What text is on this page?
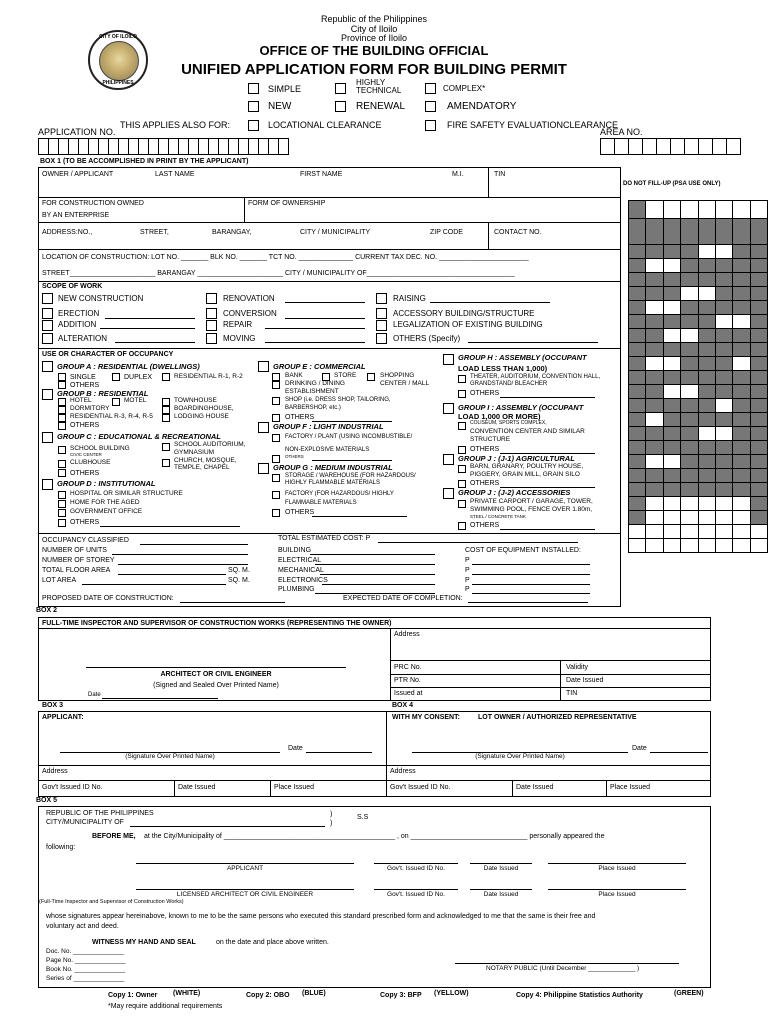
CITY OF ILOILO
PHILIPPINES
Republic of the Philippines
City of Iloilo
Province of Iloilo
OFFICE OF THE BUILDING OFFICIAL
UNIFIED APPLICATION FORM FOR BUILDING PERMIT
SIMPLE
HIGHLY TECHNICAL	COMPLEX*
NEW	RENEWAL	AMENDATORY
THIS APPLIES ALSO FOR:	LOCATIONAL CLEARANCE	FIRE SAFETY EVALUATIONCLEARANCE
APPLICATION NO.
																									AREA NO.

BOX 1 (TO BE ACCOMPLISHED IN PRINT BY THE APPLICANT)
OWNER / APPLICANT	LAST NAME	FIRST NAME	M.I.	TIN
DO NOT FILL-UP (PSA USE ONLY)
FOR CONSTRUCTION OWNED
BY AN ENTERPRISE
FORM OF OWNERSHIP
ADDRESS:NO.,	STREET,	BARANGAY,	CITY / MUNICIPALITY	ZIP CODE	CONTACT NO.
LOCATION OF CONSTRUCTION: LOT NO. _______ BLK NO. _______ TCT NO. ______________ CURRENT TAX DEC. NO. _______________________
STREET______________________ BARANGAY ______________________ CITY / MUNICIPALITY OF______________________________________

SCOPE OF WORK
NEW CONSTRUCTION
ERECTION
ADDITION
ALTERATION
RENOVATION
CONVERSION
REPAIR
MOVING
RAISING
ACCESSORY BUILDING/STRUCTURE
LEGALIZATION OF EXISTING BUILDING
OTHERS (Specify)
USE OR CHARACTER OF OCCUPANCY
GROUP A : RESIDENTIAL (DWELLINGS)
SINGLE	DUPLEX	RESIDENTIAL R-1, R-2
OTHERS
GROUP B : RESIDENTIAL
HOTEL	MOTEL	TOWNHOUSE
DORMITORY	BOARDINGHOUSE,
RESIDENTIAL R-3, R-4, R-5	LODGING HOUSE
OTHERS
GROUP C : EDUCATIONAL & RECREATIONAL
SCHOOL BUILDING
CIVIC CENTER
SCHOOL AUDITORIUM,
GYMNASIUM
CLUBHOUSE	CHURCH, MOSQUE,
TEMPLE, CHAPEL
OTHERS
GROUP D : INSTITUTIONAL
HOSPITAL OR SIMILAR STRUCTURE
HOME FOR THE AGED
GOVERNMENT OFFICE
OTHERS
GROUP E : COMMERCIAL
BANK	STORE	SHOPPING
CENTER / MALL
DRINKING / DINING
ESTABLISHMENT
SHOP (i.e. DRESS SHOP, TAILORING,
BARBERSHOP, etc.)
OTHERS
GROUP F : LIGHT INDUSTRIAL
FACTORY / PLANT (USING INCOMBUSTIBLE/
NON-EXPLOSIVE MATERIALS
OTHERS
GROUP G : MEDIUM INDUSTRIAL
STORAGE / WAREHOUSE (FOR HAZARDOUS/
HIGHLY FLAMMABLE MATERIALS
FACTORY (FOR HAZARDOUS/ HIGHLY
FLAMMABLE MATERIALS
OTHERS
GROUP H : ASSEMBLY (OCCUPANT
LOAD LESS THAN 1,000)
THEATER, AUDITORIUM, CONVENTION HALL,
GRANDSTAND/ BLEACHER
OTHERS
GROUP I : ASSEMBLY (OCCUPANT
LOAD 1,000 OR MORE)
COLISEUM, SPORTS COMPLEX,
CONVENTION CENTER AND SIMILAR
STRUCTURE
OTHERS
GROUP J : (J-1) AGRICULTURAL
BARN, GRANARY, POULTRY HOUSE,
PIGGERY, GRAIN MILL, GRAIN SILO
OTHERS
GROUP J : (J-2) ACCESSORIES
PRIVATE CARPORT / GARAGE, TOWER,
SWIMMING POOL, FENCE OVER 1.80m,
STEEL / CONCRETE TANK
OTHERS
OCCUPANCY CLASSIFIED
NUMBER OF UNITS
NUMBER OF STOREY
TOTAL FLOOR AREA	SQ. M.
LOT AREA	SQ. M.
TOTAL ESTIMATED COST: P
BUILDING
ELECTRICAL
MECHANICAL
ELECTRONICS
PLUMBING
COST OF EQUIPMENT INSTALLED:
P
P
P
P
PROPOSED DATE OF CONSTRUCTION:	EXPECTED DATE OF COMPLETION:
BOX 2
FULL-TIME INSPECTOR AND SUPERVISOR OF CONSTRUCTION WORKS (REPRESENTING THE OWNER)
Address
ARCHITECT OR CIVIL ENGINEER
(Signed and Sealed Over Printed Name)
Date
PRC No.	Validity
PTR No.	Date Issued
Issued at	TIN
BOX 3	BOX 4
APPLICANT:
Date
(Signature Over Printed Name)
Address
Gov't Issued ID No.	Date Issued	Place Issued
WITH MY CONSENT:	LOT OWNER / AUTHORIZED REPRESENTATIVE
Date
(Signature Over Printed Name)
Address
Gov't Issued ID No.	Date Issued	Place Issued
BOX 5
REPUBLIC OF THE PHILIPPINES
CITY/MUNICIPALITY OF
)
)
S.S
BEFORE ME, at the City/Municipality of ____________________________________________ , on ______________________________ personally appeared the
following:
APPLICANT	Gov't. Issued ID No.	Date Issued	Place Issued
LICENSED ARCHITECT OR CIVIL ENGINEER	Gov't. Issued ID No.	Date Issued	Place Issued
(Full-Time Inspector and Supervisor of Construction Works)
whose signatures appear hereinabove, known to me to be the same persons who executed this standard prescribed form and acknowledged to me that the same is their free and
voluntary act and deed.
WITNESS MY HAND AND SEAL	on the date and place above written.
Doc. No. ______________
Page No. ______________
Book No. ______________
Series of ______________
NOTARY PUBLIC (Until December _____________ )
Copy 1: Owner (WHITE)	Copy 2: OBO (BLUE)	Copy 3: BFP (YELLOW)	Copy 4: Philippine Statistics Authority	(GREEN)
*May require additional requirements
